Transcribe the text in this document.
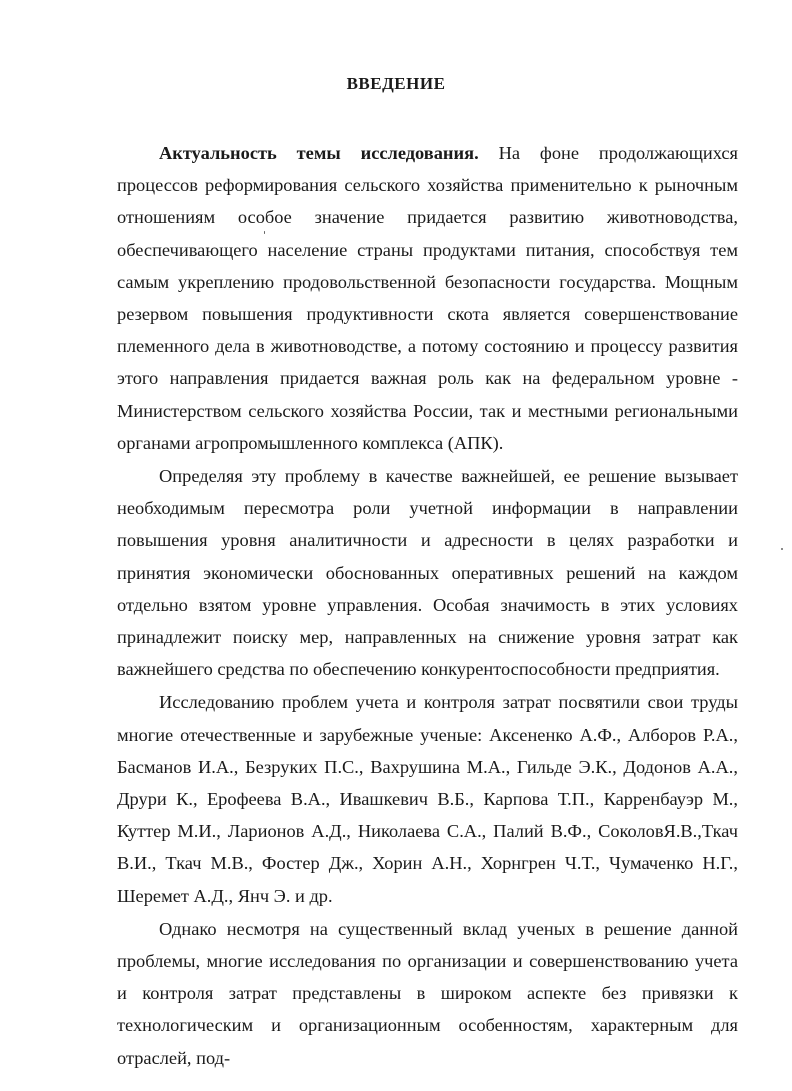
ВВЕДЕНИЕ

Актуальность темы исследования. На фоне продолжающихся процессов реформирования сельского хозяйства применительно к рыночным отношениям особое значение придается развитию животноводства, обеспечивающего население страны продуктами питания, способствуя тем самым укреплению продовольственной безопасности государства. Мощным резервом повышения продуктивности скота является совершенствование племенного дела в животноводстве, а потому состоянию и процессу развития этого направления придается важная роль как на федеральном уровне - Министерством сельского хозяйства России, так и местными региональными органами агропромышленного комплекса (АПК).

Определяя эту проблему в качестве важнейшей, ее решение вызывает необходимым пересмотра роли учетной информации в направлении повышения уровня аналитичности и адресности в целях разработки и принятия экономически обоснованных оперативных решений на каждом отдельно взятом уровне управления. Особая значимость в этих условиях принадлежит поиску мер, направленных на снижение уровня затрат как важнейшего средства по обеспечению конкурентоспособности предприятия.

Исследованию проблем учета и контроля затрат посвятили свои труды многие отечественные и зарубежные ученые: Аксененко А.Ф., Алборов Р.А., Басманов И.А., Безруких П.С., Вахрушина М.А., Гильде Э.К., Додонов А.А., Друри К., Ерофеева В.А., Ивашкевич В.Б., Карпова Т.П., Карренбауэр М., Куттер М.И., Ларионов А.Д., Николаева С.А., Палий В.Ф., СоколовЯ.В.,Ткач В.И., Ткач М.В., Фостер Дж., Хорин А.Н., Хорнгрен Ч.Т., Чумаченко Н.Г., Шеремет А.Д., Янч Э. и др.

Однако несмотря на существенный вклад ученых в решение данной проблемы, многие исследования по организации и совершенствованию учета и контроля затрат представлены в широком аспекте без привязки к технологическим и организационным особенностям, характерным для отраслей, под-
